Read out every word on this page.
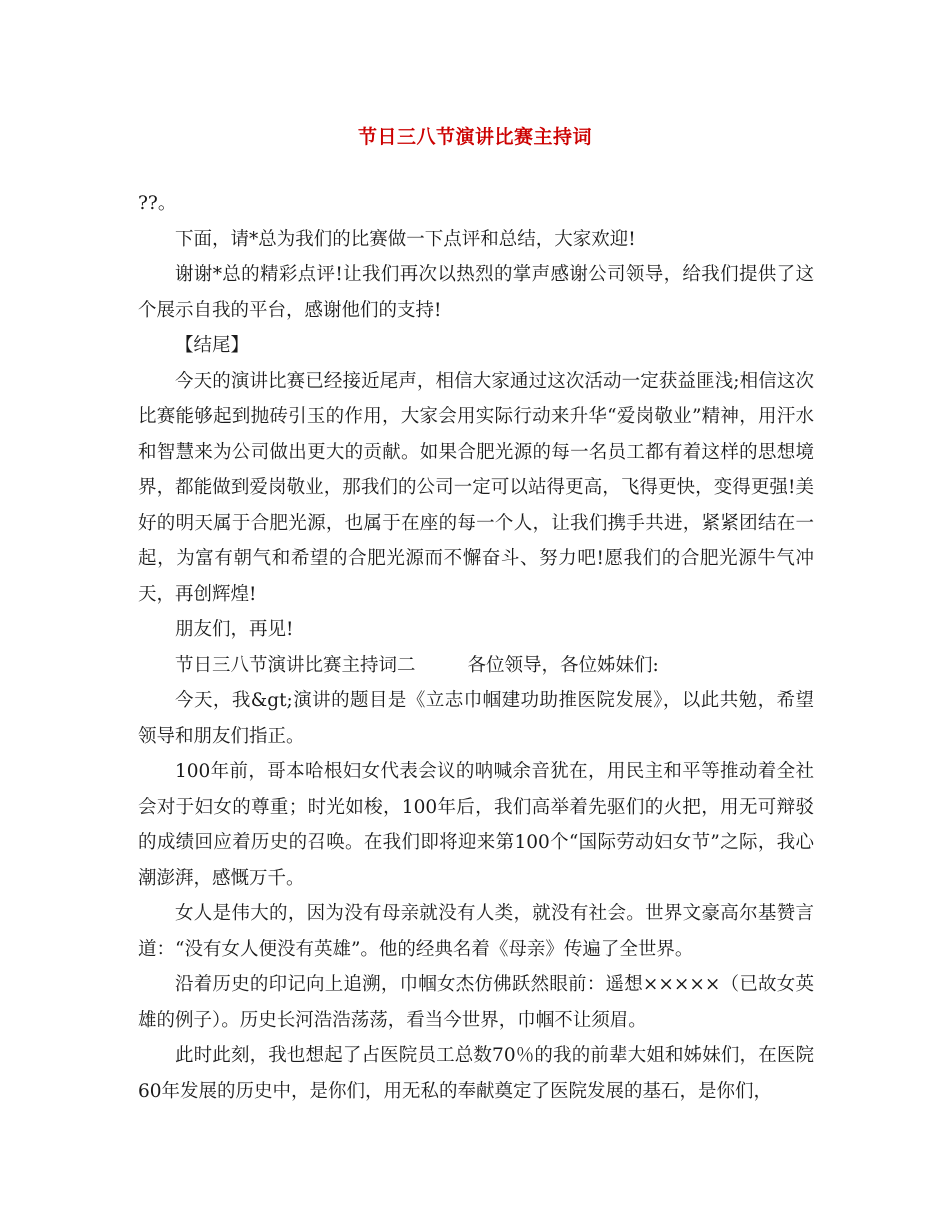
节日三八节演讲比赛主持词

??。

下面，请*总为我们的比赛做一下点评和总结，大家欢迎!

谢谢*总的精彩点评!让我们再次以热烈的掌声感谢公司领导，给我们提供了这个展示自我的平台，感谢他们的支持!

【结尾】

今天的演讲比赛已经接近尾声，相信大家通过这次活动一定获益匪浅;相信这次比赛能够起到抛砖引玉的作用，大家会用实际行动来升华“爱岗敬业”精神，用汗水和智慧来为公司做出更大的贡献。如果合肥光源的每一名员工都有着这样的思想境界，都能做到爱岗敬业，那我们的公司一定可以站得更高，飞得更快，变得更强!美好的明天属于合肥光源，也属于在座的每一个人，让我们携手共进，紧紧团结在一起，为富有朝气和希望的合肥光源而不懈奋斗、努力吧!愿我们的合肥光源牛气冲天，再创辉煌!

朋友们，再见!

节日三八节演讲比赛主持词二	各位领导，各位姊妹们:

今天，我&gt;演讲的题目是《立志巾帼建功助推医院发展》，以此共勉，希望领导和朋友们指正。

100年前，哥本哈根妇女代表会议的呐喊余音犹在，用民主和平等推动着全社会对于妇女的尊重；时光如梭，100年后，我们高举着先驱们的火把，用无可辩驳的成绩回应着历史的召唤。在我们即将迎来第100个“国际劳动妇女节”之际，我心潮澎湃，感慨万千。

女人是伟大的，因为没有母亲就没有人类，就没有社会。世界文豪高尔基赞言道：“没有女人便没有英雄”。他的经典名着《母亲》传遍了全世界。

沿着历史的印记向上追溯，巾帼女杰仿佛跃然眼前：遥想×××××（已故女英雄的例子）。历史长河浩浩荡荡，看当今世界，巾帼不让须眉。

此时此刻，我也想起了占医院员工总数70％的我的前辈大姐和姊妹们，在医院60年发展的历史中，是你们，用无私的奉献奠定了医院发展的基石，是你们，
